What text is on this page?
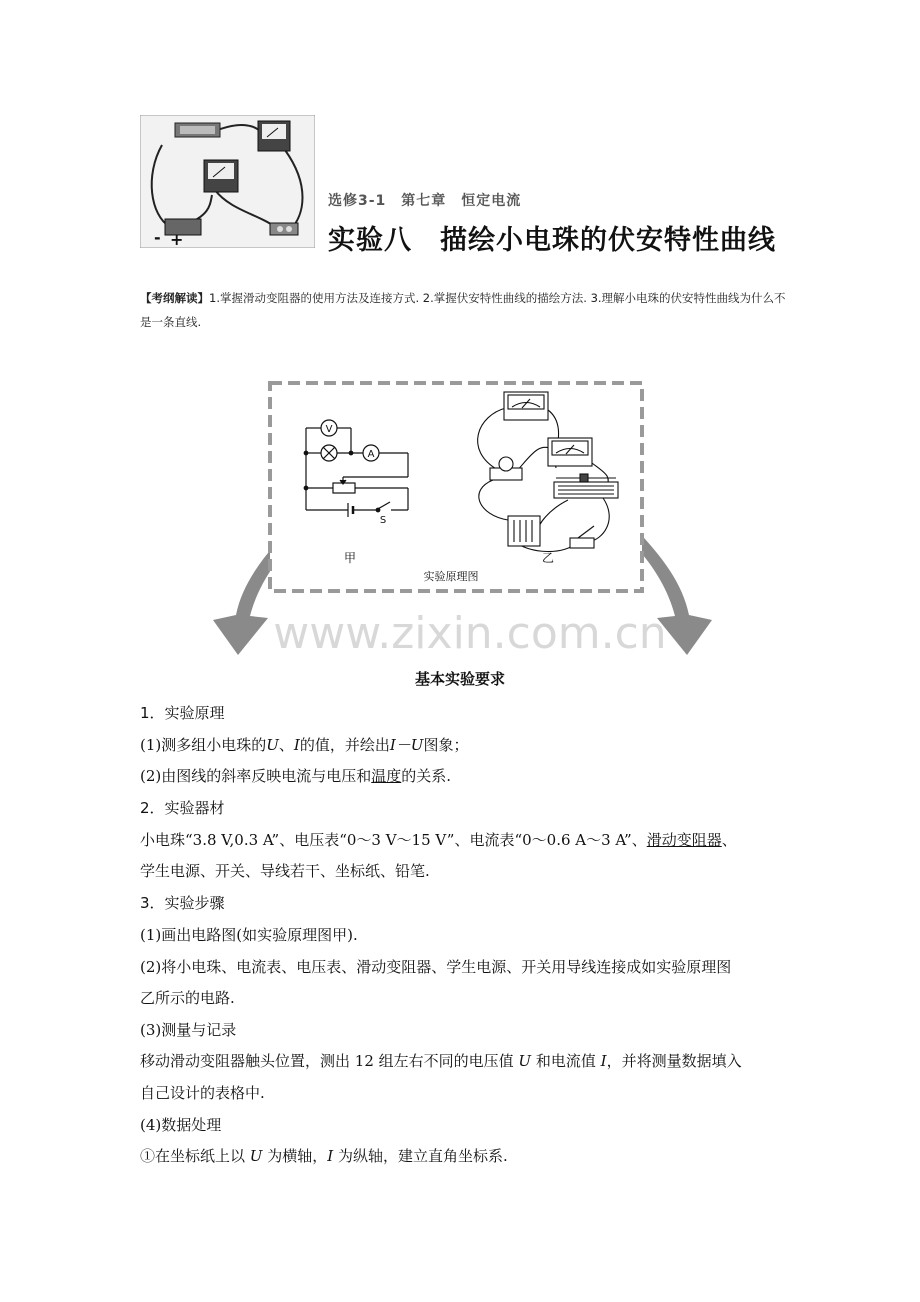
- +
选修3-1　第七章　恒定电流
实验八　描绘小电珠的伏安特性曲线
【考纲解读】1.掌握滑动变阻器的使用方法及连接方式. 2.掌握伏安特性曲线的描绘方法. 3.理解小电珠的伏安特性曲线为什么不是一条直线.
www.zixin.com.cn
V
A
S
甲	乙
实验原理图
基本实验要求
1．实验原理
(1)测多组小电珠的U、I的值，并绘出I－U图象；
(2)由图线的斜率反映电流与电压和温度的关系.
2．实验器材
小电珠“3.8 V,0.3 A”、电压表“0～3 V～15 V”、电流表“0～0.6 A～3 A”、滑动变阻器、
学生电源、开关、导线若干、坐标纸、铅笔.
3．实验步骤
(1)画出电路图(如实验原理图甲).
(2)将小电珠、电流表、电压表、滑动变阻器、学生电源、开关用导线连接成如实验原理图
乙所示的电路.
(3)测量与记录
移动滑动变阻器触头位置，测出 12 组左右不同的电压值 U 和电流值 I，并将测量数据填入
自己设计的表格中.
(4)数据处理
①在坐标纸上以 U 为横轴，I 为纵轴，建立直角坐标系.
